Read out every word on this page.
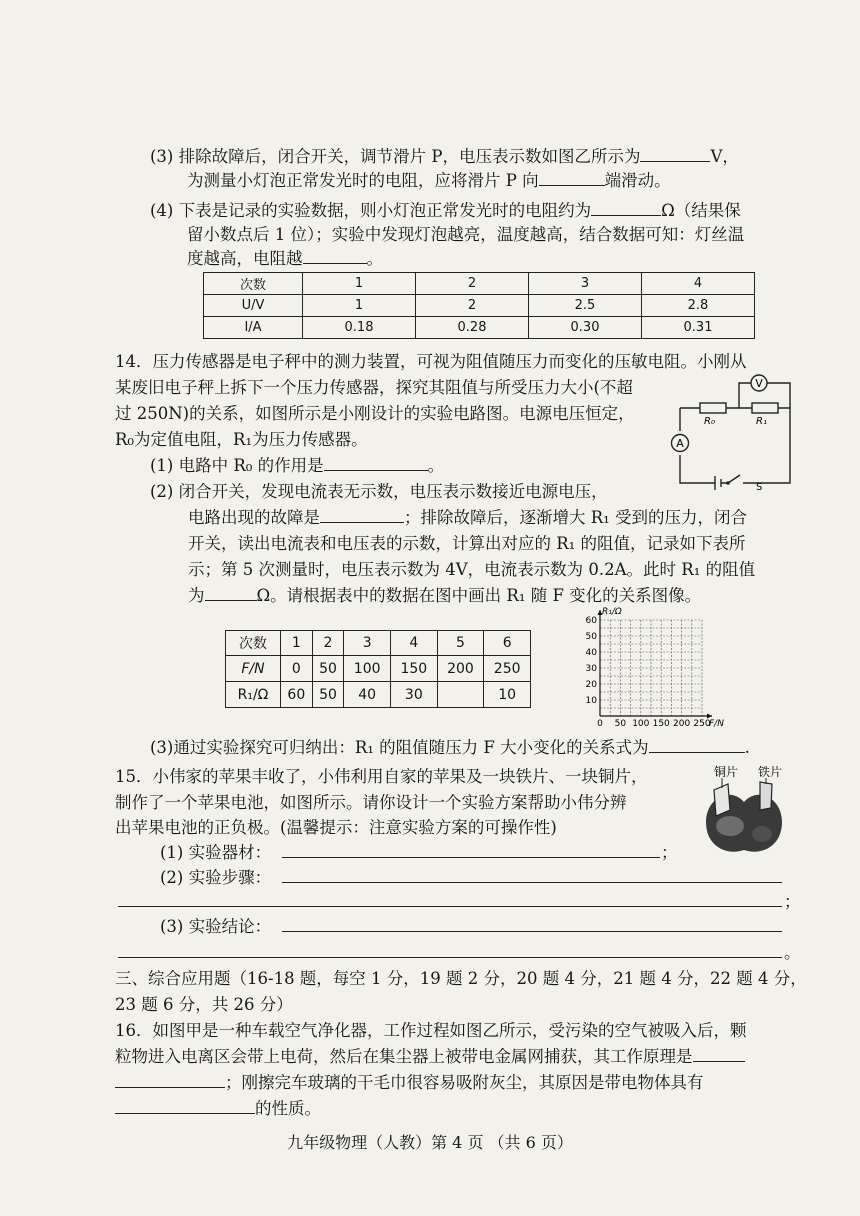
(3) 排除故障后，闭合开关，调节滑片 P，电压表示数如图乙所示为	V，
为测量小灯泡正常发光时的电阻，应将滑片 P 向	端滑动。
(4) 下表是记录的实验数据，则小灯泡正常发光时的电阻约为	Ω（结果保
留小数点后 1 位）；实验中发现灯泡越亮，温度越高，结合数据可知：灯丝温
度越高，电阻越	。
次数	1	2	3	4
U/V	1	2	2.5	2.8
I/A	0.18	0.28	0.30	0.31
14．压力传感器是电子秤中的测力装置，可视为阻值随压力而变化的压敏电阻。小刚从
某废旧电子秤上拆下一个压力传感器，探究其阻值与所受压力大小(不超
过 250N)的关系，如图所示是小刚设计的实验电路图。电源电压恒定，
R₀为定值电阻，R₁为压力传感器。
V
A
R₀	R₁
S
(1) 电路中 R₀ 的作用是	。
(2) 闭合开关，发现电流表无示数，电压表示数接近电源电压，
电路出现的故障是	；排除故障后，逐渐增大 R₁ 受到的压力，闭合
开关，读出电流表和电压表的示数，计算出对应的 R₁ 的阻值，记录如下表所
示；第 5 次测量时，电压表示数为 4V，电流表示数为 0.2A。此时 R₁ 的阻值
为	Ω。请根据表中的数据在图中画出 R₁ 随 F 变化的关系图像。
次数	1	2	3	4	5	6
F/N	0	50	100	150	200	250
R₁/Ω	60	50	40	30		10
0 50 100 150 200 250
10
20
30
40
50
60
R₁/Ω
F/N
(3)通过实验探究可归纳出：R₁ 的阻值随压力 F 大小变化的关系式为	.
15．小伟家的苹果丰收了，小伟利用自家的苹果及一块铁片、一块铜片，
制作了一个苹果电池，如图所示。请你设计一个实验方案帮助小伟分辨
出苹果电池的正负极。(温馨提示：注意实验方案的可操作性)
铜片 铁片
(1) 实验器材：	；
(2) 实验步骤：
；
(3) 实验结论：
。
三、综合应用题（16-18 题，每空 1 分，19 题 2 分，20 题 4 分，21 题 4 分，22 题 4 分，
23 题 6 分，共 26 分）
16．如图甲是一种车载空气净化器，工作过程如图乙所示，受污染的空气被吸入后，颗
粒物进入电离区会带上电荷，然后在集尘器上被带电金属网捕获，其工作原理是
；刚擦完车玻璃的干毛巾很容易吸附灰尘，其原因是带电物体具有
的性质。
九年级物理（人教）第 4 页 （共 6 页）
